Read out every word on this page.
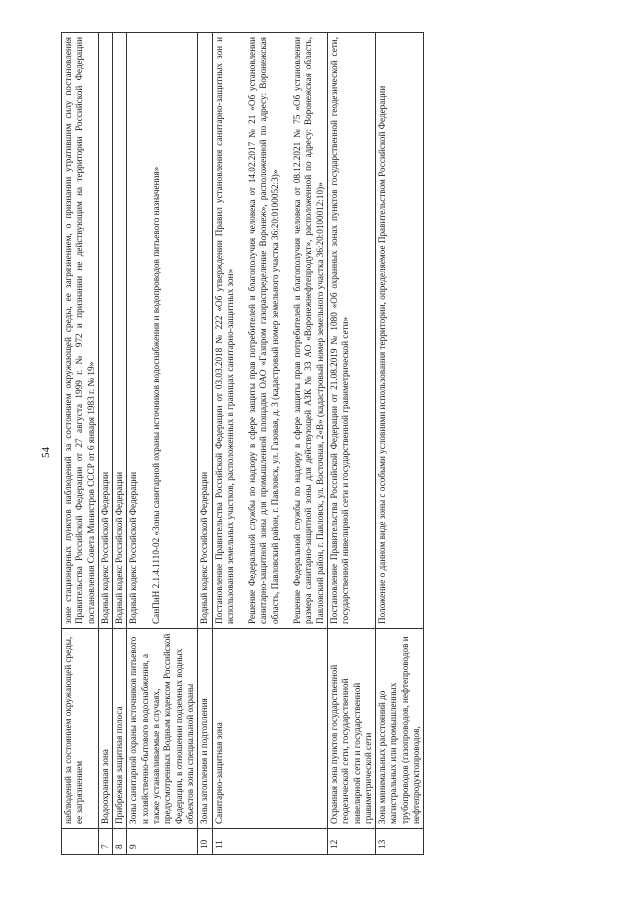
54
	наблюдений за состоянием окружающей среды, ее загрязнением	зоне стационарных пунктов наблюдений за состоянием окружающей среды, ее загрязнением, о признании утратившим силу постановления Правительства Российской Федерации от 27 августа 1999 г. № 972 и признании не действующим на территории Российской Федерации постановления Совета Министров СССР от 6 января 1983 г. № 19»

7	Водоохранная зона	Водный кодекс Российской Федерации

8	Прибрежная защитная полоса	Водный кодекс Российской Федерации

9	Зоны санитарной охраны источников питьевого и хозяйственно-бытового водоснабжения, а также устанавливаемые в случаях, предусмотренных Водным кодексом Российской Федерации, в отношении подземных водных объектов зоны специальной охраны	Водный кодекс Российской Федерации СанПиН 2.1.4.1110-02 «Зоны санитарной охраны источников водоснабжения и водопроводов питьевого назначения»

10	Зоны затопления и подтопления	Водный кодекс Российской Федерации

11	Санитарно-защитная зона	Постановление Правительства Российской Федерации от 03.03.2018 № 222 «Об утверждении Правил установления санитарно-защитных зон и использования земельных участков, расположенных в границах санитарно-защитных зон» Решение Федеральной службы по надзору в сфере защиты прав потребителей и благополучия человека от 14.02.2017 № 21 «Об установлении санитарно-защитной зоны для промышленной площадки ОАО «Газпром газораспределение Воронеж», расположенной по адресу: Воронежская область, Павловский район, г. Павловск, ул. Газовая, д. 3 (кадастровый номер земельного участка 36:20:0100052:3)» Решение Федеральной службы по надзору в сфере защиты прав потребителей и благополучия человека от 08.12.2021 № 75 «Об установлении размера санитарно-защитной зоны для действующей АЗК № 33 АО «Воронежнефтепродукт», расположенной по адресу: Воронежская область, Павловский район, г. Павловск, ул. Восточная, 2«В» (кадастровый номер земельного участка 36:20:0100012:10)»

12	Охранная зона пунктов государственной геодезической сети, государственной нивелирной сети и государственной гравиметрической сети	Постановление Правительства Российской Федерации от 21.08.2019 № 1080 «Об охранных зонах пунктов государственной геодезической сети, государственной нивелирной сети и государственной гравиметрической сети»

13	Зона минимальных расстояний до магистральных или промышленных трубопроводов (газопроводов, нефтепроводов и нефтепродуктопроводов,	Положение о данном виде зоны с особыми условиями использования территории, определяемое Правительством Российской Федерации
